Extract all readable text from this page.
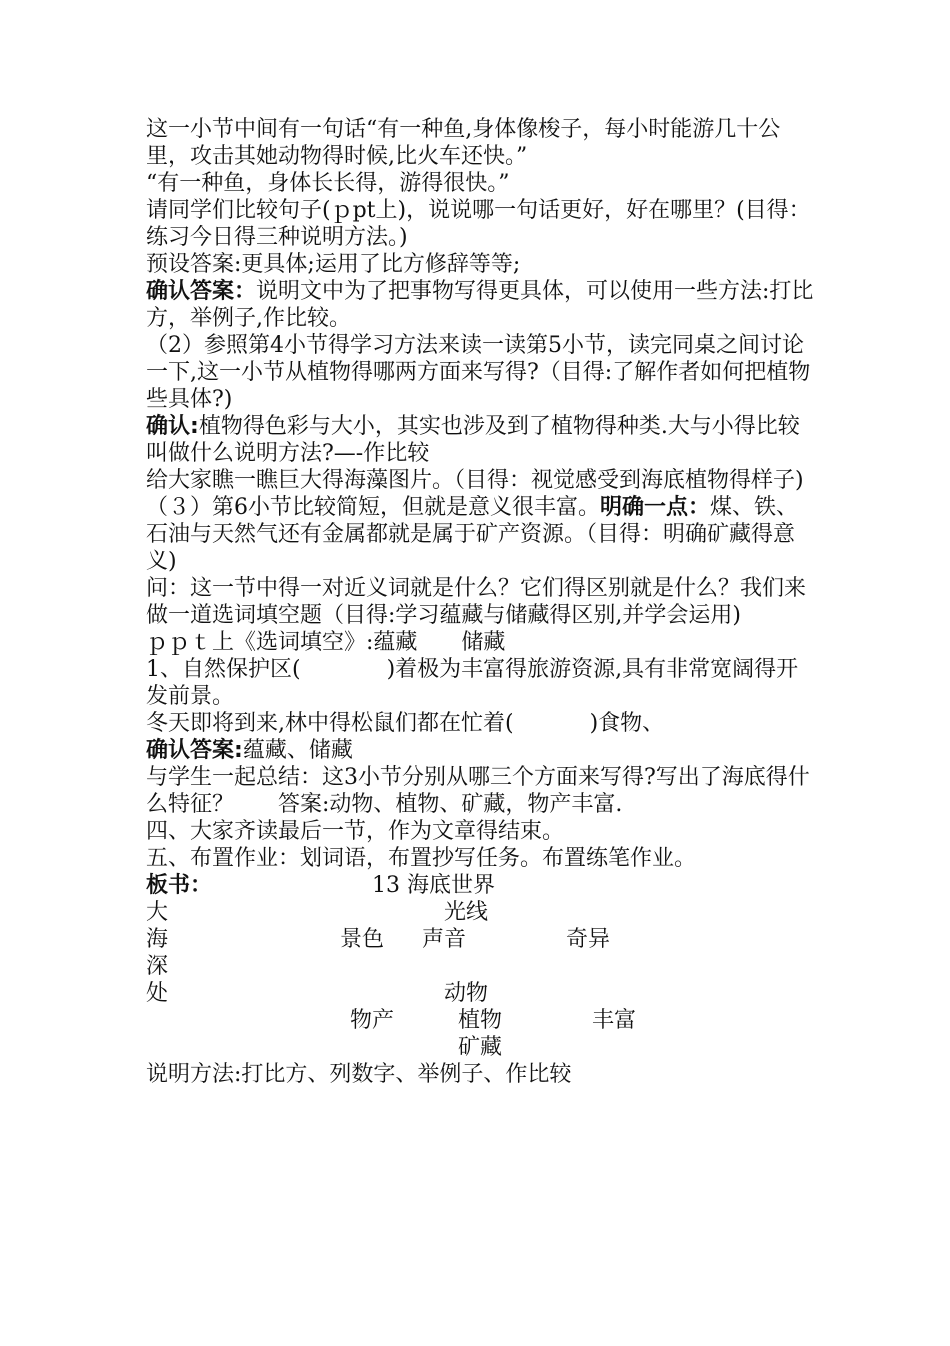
这一小节中间有一句话“有一种鱼,身体像梭子，每小时能游几十公里，攻击其她动物得时候,比火车还快。”

“有一种鱼，身体长长得，游得很快。”

请同学们比较句子(ｐpt上)，说说哪一句话更好，好在哪里？(目得：练习今日得三种说明方法。)

预设答案:更具体;运用了比方修辞等等;

确认答案：说明文中为了把事物写得更具体，可以使用一些方法:打比方，举例子,作比较。

（2）参照第4小节得学习方法来读一读第5小节，读完同桌之间讨论一下,这一小节从植物得哪两方面来写得?（目得:了解作者如何把植物些具体?)

确认:植物得色彩与大小，其实也涉及到了植物得种类.大与小得比较叫做什么说明方法?—-作比较

给大家瞧一瞧巨大得海藻图片。（目得：视觉感受到海底植物得样子)

（３）第6小节比较简短，但就是意义很丰富。明确一点：煤、铁、石油与天然气还有金属都就是属于矿产资源。（目得：明确矿藏得意义)

问：这一节中得一对近义词就是什么？它们得区别就是什么？我们来做一道选词填空题（目得:学习蕴藏与储藏得区别,并学会运用)

ｐｐｔ上《选词填空》:蕴藏 储藏

1、自然保护区(	)着极为丰富得旅游资源,具有非常宽阔得开发前景。

冬天即将到来,林中得松鼠们都在忙着(	)食物、

确认答案:蕴藏、储藏

与学生一起总结：这3小节分别从哪三个方面来写得?写出了海底得什么特征？　　答案:动物、植物、矿藏，物产丰富.

四、大家齐读最后一节，作为文章得结束。

五、布置作业：划词语，布置抄写任务。布置练笔作业。

板书：	13 海底世界
大	光线
海	景色 声音	奇异
深
处	动物
物产	植物	丰富
矿藏
说明方法:打比方、列数字、举例子、作比较
